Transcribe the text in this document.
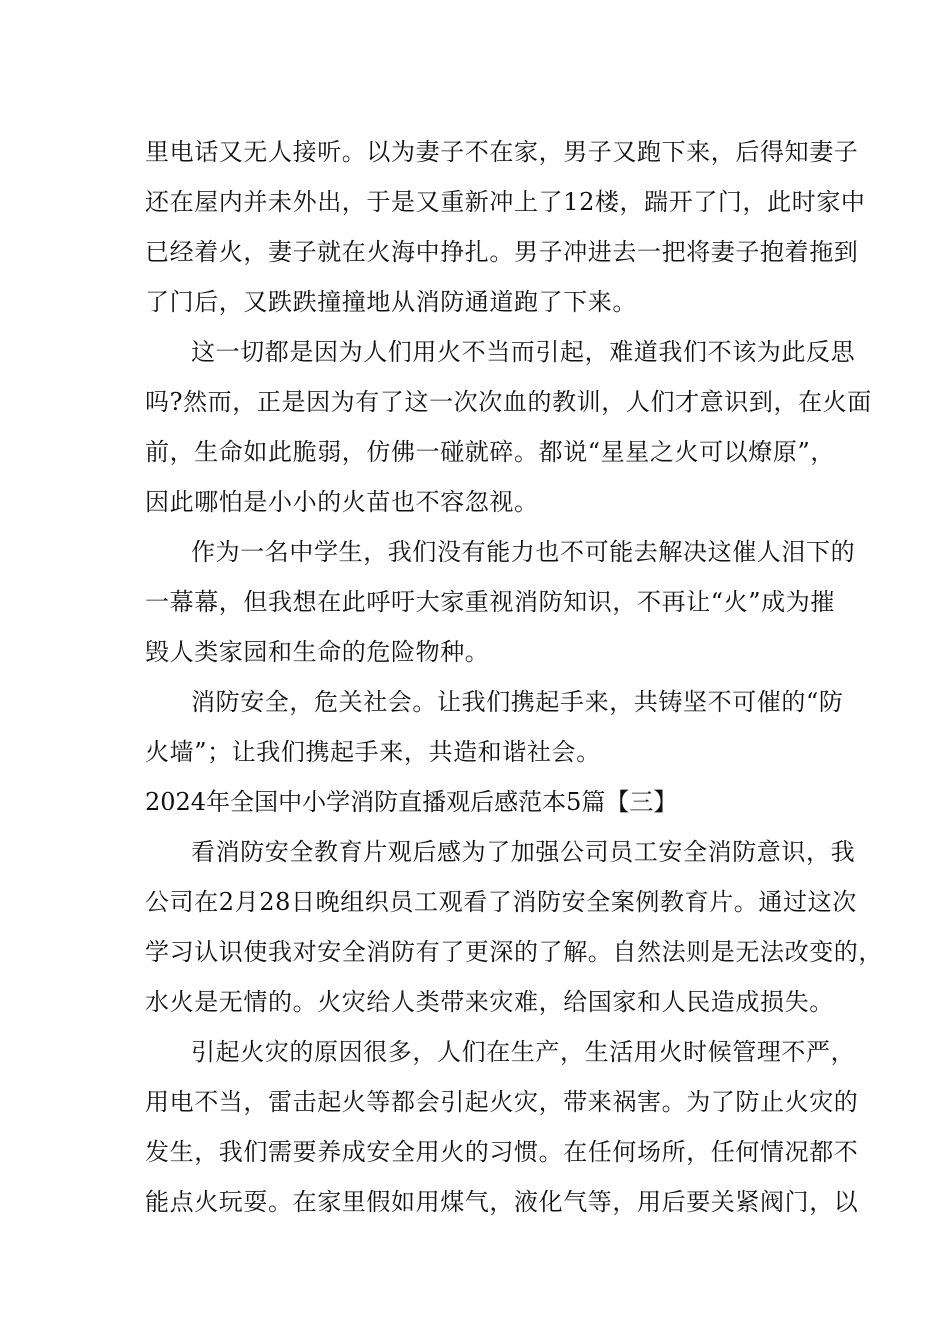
里电话又无人接听。以为妻子不在家，男子又跑下来，后得知妻子
还在屋内并未外出，于是又重新冲上了12楼，踹开了门，此时家中
已经着火，妻子就在火海中挣扎。男子冲进去一把将妻子抱着拖到
了门后，又跌跌撞撞地从消防通道跑了下来。
这一切都是因为人们用火不当而引起，难道我们不该为此反思
吗?然而，正是因为有了这一次次血的教训，人们才意识到，在火面
前，生命如此脆弱，仿佛一碰就碎。都说“星星之火可以燎原”，
因此哪怕是小小的火苗也不容忽视。
作为一名中学生，我们没有能力也不可能去解决这催人泪下的
一幕幕，但我想在此呼吁大家重视消防知识，不再让“火”成为摧
毁人类家园和生命的危险物种。
消防安全，危关社会。让我们携起手来，共铸坚不可催的“防
火墙”；让我们携起手来，共造和谐社会。
2024年全国中小学消防直播观后感范本5篇【三】
看消防安全教育片观后感为了加强公司员工安全消防意识，我
公司在2月28日晚组织员工观看了消防安全案例教育片。通过这次
学习认识使我对安全消防有了更深的了解。自然法则是无法改变的，
水火是无情的。火灾给人类带来灾难，给国家和人民造成损失。
引起火灾的原因很多，人们在生产，生活用火时候管理不严，
用电不当，雷击起火等都会引起火灾，带来祸害。为了防止火灾的
发生，我们需要养成安全用火的习惯。在任何场所，任何情况都不
能点火玩耍。在家里假如用煤气，液化气等，用后要关紧阀门，以
